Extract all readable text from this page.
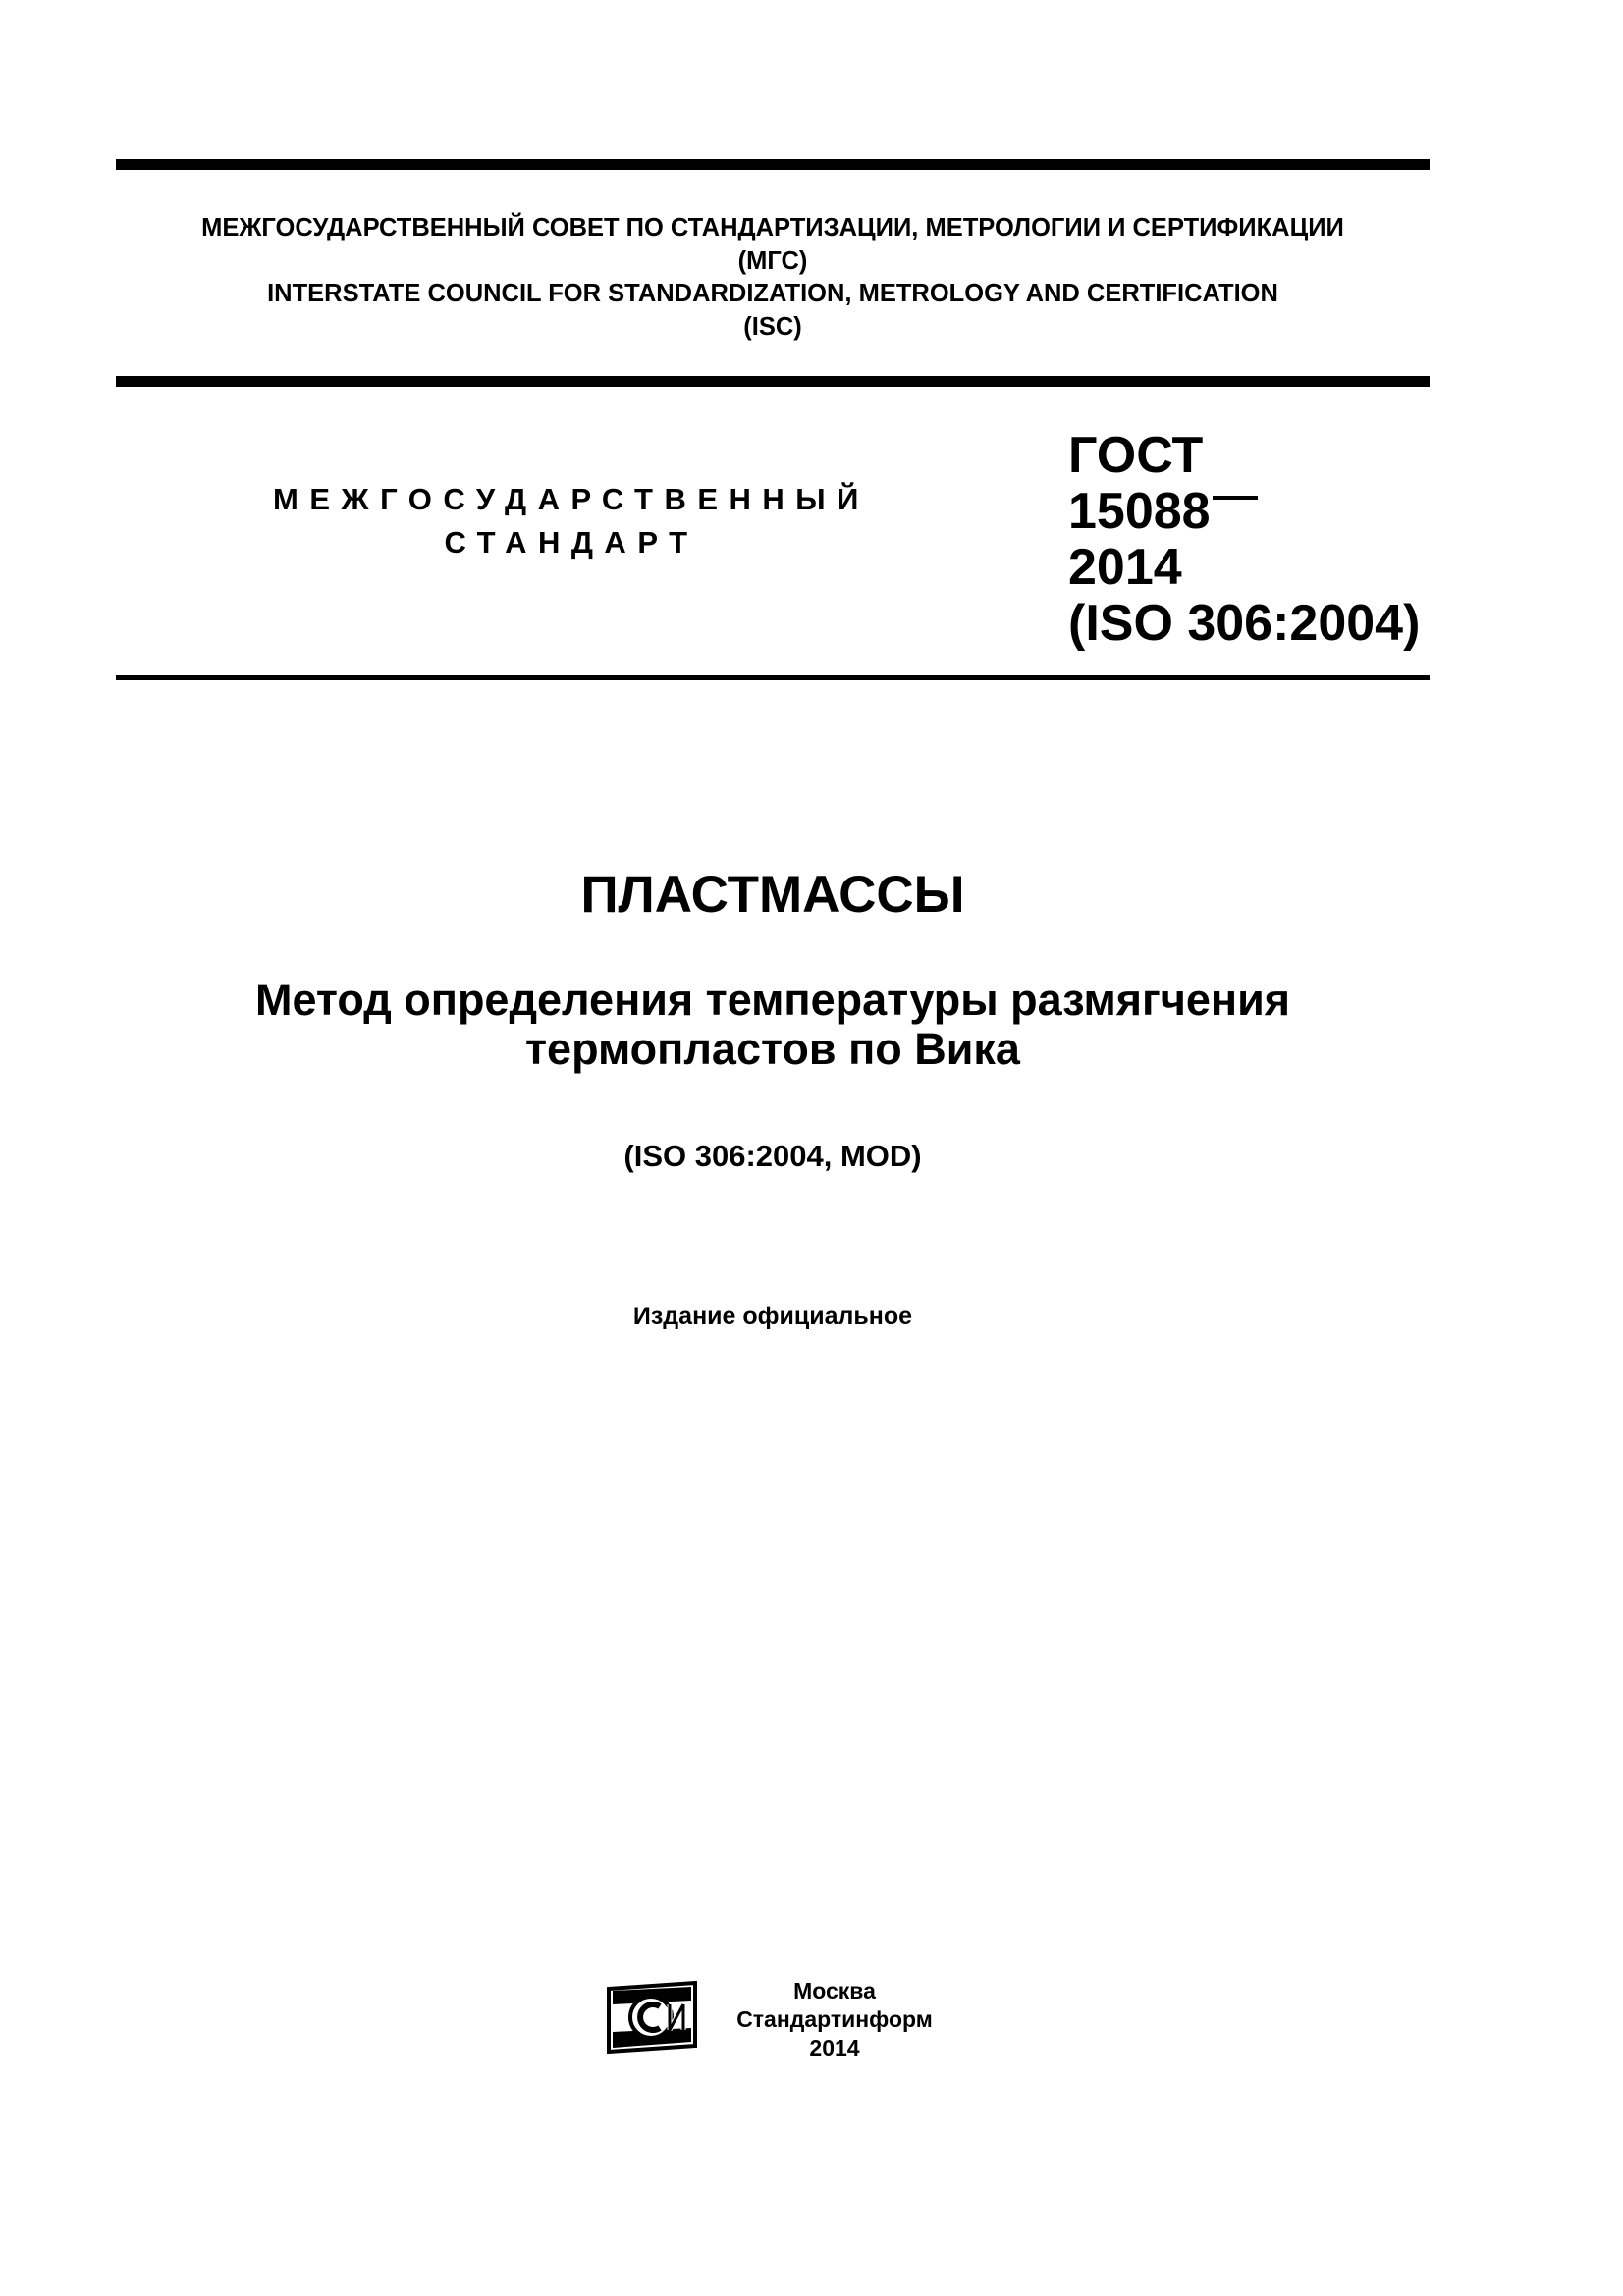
МЕЖГОСУДАРСТВЕННЫЙ СОВЕТ ПО СТАНДАРТИЗАЦИИ, МЕТРОЛОГИИ И СЕРТИФИКАЦИИ
(МГС)
INTERSTATE COUNCIL FOR STANDARDIZATION, METROLOGY AND CERTIFICATION
(ISC)
МЕЖГОСУДАРСТВЕННЫЙ
СТАНДАРТ
ГОСТ
15088
2014
(ISO 306:2004)
ПЛАСТМАССЫ
Метод определения температуры размягчения
термопластов по Вика
(ISO 306:2004, MOD)
Издание официальное
Москва
Стандартинформ
2014
